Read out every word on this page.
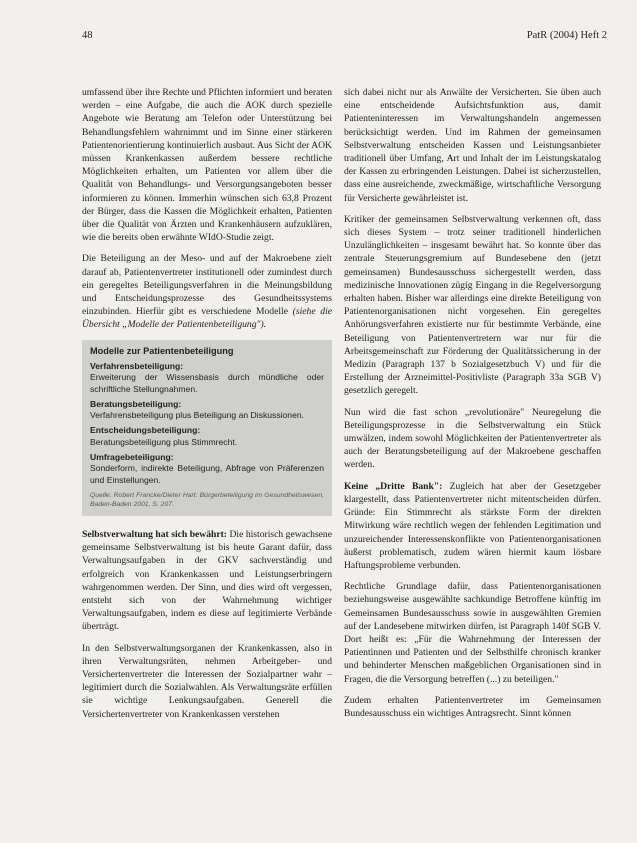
48	PatR (2004) Heft 2

umfassend über ihre Rechte und Pflichten informiert und beraten werden – eine Aufgabe, die auch die AOK durch spezielle Angebote wie Beratung am Telefon oder Unterstützung bei Behandlungsfehlern wahrnimmt und im Sinne einer stärkeren Patientenorientierung kontinuierlich ausbaut. Aus Sicht der AOK müssen Krankenkassen außerdem bessere rechtliche Möglichkeiten erhalten, um Patienten vor allem über die Qualität von Behandlungs- und Versorgungsangeboten besser informieren zu können. Immerhin wünschen sich 63,8 Prozent der Bürger, dass die Kassen die Möglichkeit erhalten, Patienten über die Qualität von Ärzten und Krankenhäusern aufzuklären, wie die bereits oben erwähnte WIdO-Studie zeigt.

Die Beteiligung an der Meso- und auf der Makroebene zielt darauf ab, Patientenvertreter institutionell oder zumindest durch ein geregeltes Beteiligungsverfahren in die Meinungsbildung und Entscheidungsprozesse des Gesundheitssystems einzubinden. Hierfür gibt es verschiedene Modelle (siehe die Übersicht „Modelle der Patientenbeteiligung").

Modelle zur Patientenbeteiligung
Verfahrensbeteiligung:
Erweiterung der Wissensbasis durch mündliche oder schriftliche Stellungnahmen.
Beratungsbeteiligung:
Verfahrensbeteiligung plus Beteiligung an Diskussionen.
Entscheidungsbeteiligung:
Beratungsbeteiligung plus Stimmrecht.
Umfragebeteiligung:
Sonderform, indirekte Beteiligung, Abfrage von Präferenzen und Einstellungen.
Quelle: Robert Francke/Dieter Hart: Bürgerbeteiligung im Gesundheitswesen, Baden-Baden 2001, S. 207.

Selbstverwaltung hat sich bewährt: Die historisch gewachsene gemeinsame Selbstverwaltung ist bis heute Garant dafür, dass Verwaltungsaufgaben in der GKV sachverständig und erfolgreich von Krankenkassen und Leistungserbringern wahrgenommen werden. Der Sinn, und dies wird oft vergessen, entsteht sich von der Wahrnehmung wichtiger Verwaltungsaufgaben, indem es diese auf legitimierte Verbände überträgt.

In den Selbstverwaltungsorganen der Krankenkassen, also in ihren Verwaltungsräten, nehmen Arbeitgeber- und Versichertenvertreter die Interessen der Sozialpartner wahr – legitimiert durch die Sozialwahlen. Als Verwaltungsräte erfüllen sie wichtige Lenkungsaufgaben. Generell die Versichertenvertreter von Krankenkassen verstehen

sich dabei nicht nur als Anwälte der Versicherten. Sie üben auch eine entscheidende Aufsichtsfunktion aus, damit Patienteninteressen im Verwaltungshandeln angemessen berücksichtigt werden. Und im Rahmen der gemeinsamen Selbstverwaltung entscheiden Kassen und Leistungsanbieter traditionell über Umfang, Art und Inhalt der im Leistungskatalog der Kassen zu erbringenden Leistungen. Dabei ist sicherzustellen, dass eine ausreichende, zweckmäßige, wirtschaftliche Versorgung für Versicherte gewährleistet ist.

Kritiker der gemeinsamen Selbstverwaltung verkennen oft, dass sich dieses System – trotz seiner traditionell hinderlichen Unzulänglichkeiten – insgesamt bewährt hat. So konnte über das zentrale Steuerungsgremium auf Bundesebene den (jetzt gemeinsamen) Bundesausschuss sichergestellt werden, dass medizinische Innovationen zügig Eingang in die Regelversorgung erhalten haben. Bisher war allerdings eine direkte Beteiligung von Patientenorganisationen nicht vorgesehen. Ein geregeltes Anhörungsverfahren existierte nur für bestimmte Verbände, eine Beteiligung von Patientenvertretern war nur für die Arbeitsgemeinschaft zur Förderung der Qualitätssicherung in der Medizin (Paragraph 137 b Sozialgesetzbuch V) und für die Erstellung der Arzneimittel-Positivliste (Paragraph 33a SGB V) gesetzlich geregelt.

Nun wird die fast schon „revolutionäre" Neuregelung die Beteiligungsprozesse in die Selbstverwaltung ein Stück umwälzen, indem sowohl Möglichkeiten der Patientenvertreter als auch der Beratungsbeteiligung auf der Makroebene geschaffen werden.

Keine „Dritte Bank": Zugleich hat aber der Gesetzgeber klargestellt, dass Patientenvertreter nicht mitentscheiden dürfen. Gründe: Ein Stimmrecht als stärkste Form der direkten Mitwirkung wäre rechtlich wegen der fehlenden Legitimation und unzureichender Interessenskonflikte von Patientenorganisationen äußerst problematisch, zudem wären hiermit kaum lösbare Haftungsprobleme verbunden.

Rechtliche Grundlage dafür, dass Patientenorganisationen beziehungsweise ausgewählte sachkundige Betroffene künftig im Gemeinsamen Bundesausschuss sowie in ausgewählten Gremien auf der Landesebene mitwirken dürfen, ist Paragraph 140f SGB V. Dort heißt es: „Für die Wahrnehmung der Interessen der Patientinnen und Patienten und der Selbsthilfe chronisch kranker und behinderter Menschen maßgeblichen Organisationen sind in Fragen, die die Versorgung betreffen (...) zu beteiligen."

Zudem erhalten Patientenvertreter im Gemeinsamen Bundesausschuss ein wichtiges Antragsrecht. Sinnt können
